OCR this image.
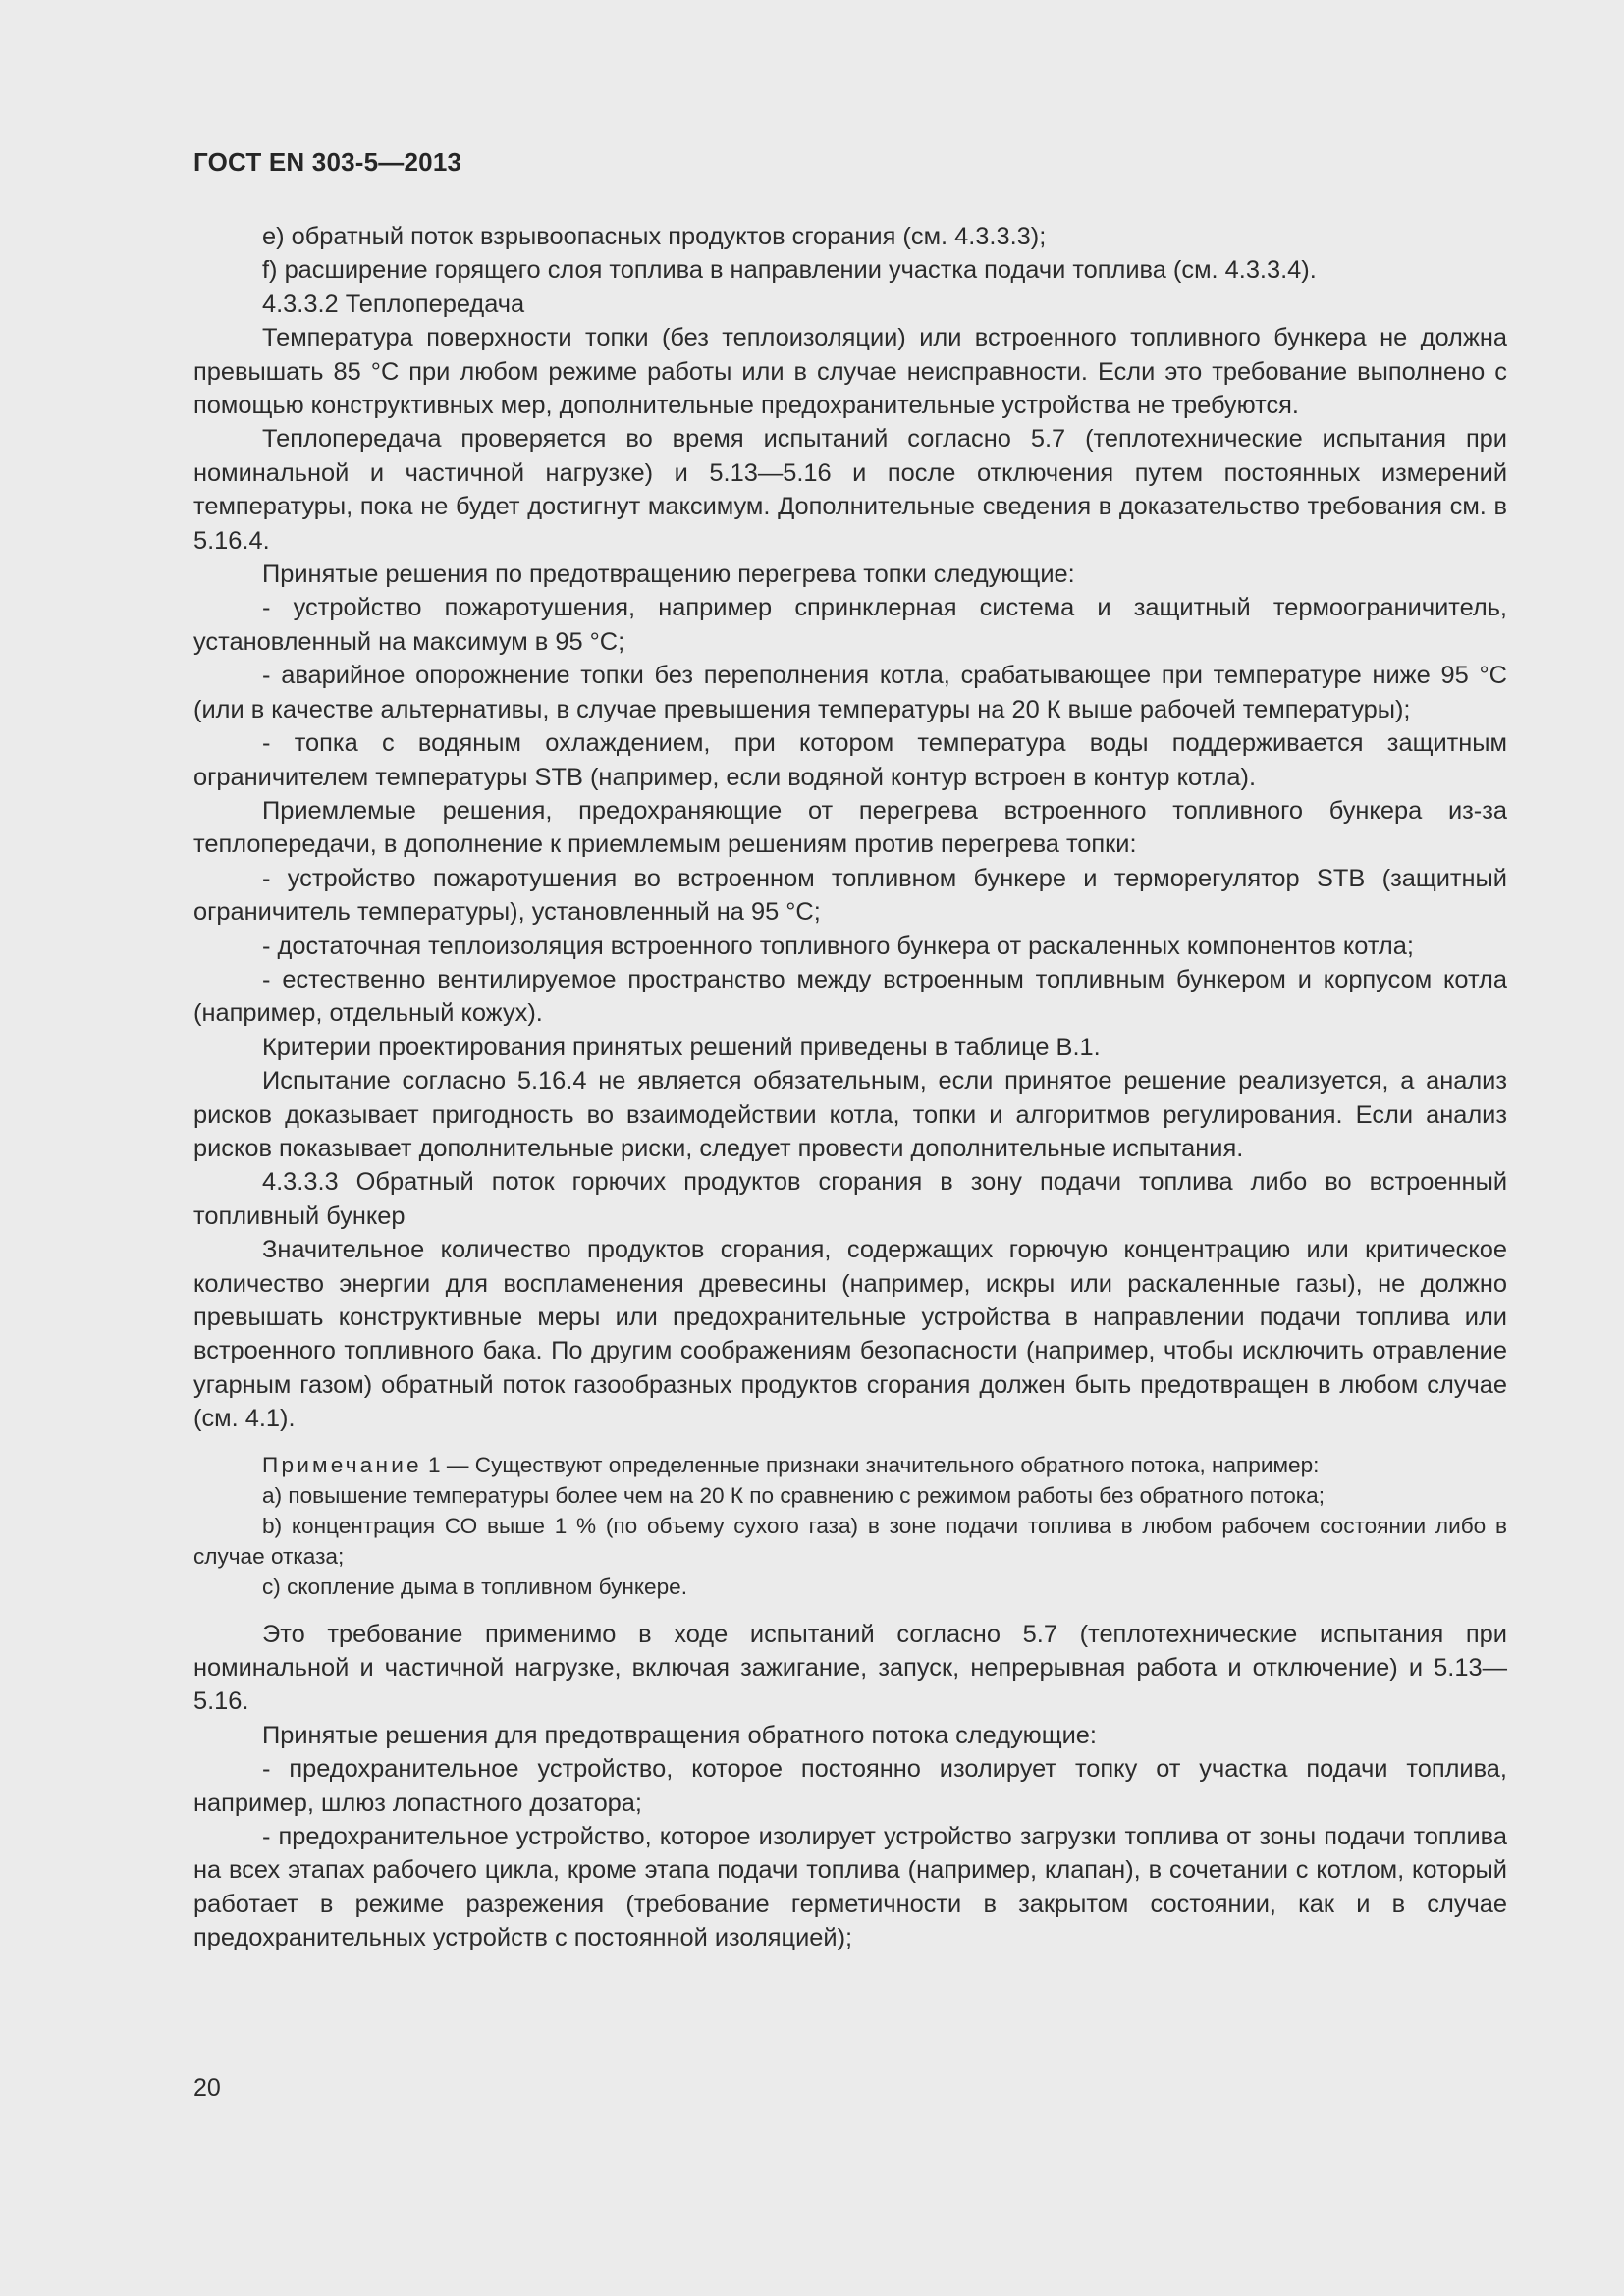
ГОСТ EN 303-5—2013

e) обратный поток взрывоопасных продуктов сгорания (см. 4.3.3.3);

f) расширение горящего слоя топлива в направлении участка подачи топлива (см. 4.3.3.4).

4.3.3.2 Теплопередача

Температура поверхности топки (без теплоизоляции) или встроенного топливного бункера не должна превышать 85 °С при любом режиме работы или в случае неисправности. Если это требование выполнено с помощью конструктивных мер, дополнительные предохранительные устройства не требуются.

Теплопередача проверяется во время испытаний согласно 5.7 (теплотехнические испытания при номинальной и частичной нагрузке) и 5.13—5.16 и после отключения путем постоянных измерений температуры, пока не будет достигнут максимум. Дополнительные сведения в доказательство требования см. в 5.16.4.

Принятые решения по предотвращению перегрева топки следующие:

- устройство пожаротушения, например спринклерная система и защитный термоограничитель, установленный на максимум в 95 °С;

- аварийное опорожнение топки без переполнения котла, срабатывающее при температуре ниже 95 °С (или в качестве альтернативы, в случае превышения температуры на 20 К выше рабочей температуры);

- топка с водяным охлаждением, при котором температура воды поддерживается защитным ограничителем температуры STB (например, если водяной контур встроен в контур котла).

Приемлемые решения, предохраняющие от перегрева встроенного топливного бункера из-за теплопередачи, в дополнение к приемлемым решениям против перегрева топки:

- устройство пожаротушения во встроенном топливном бункере и терморегулятор STB (защитный ограничитель температуры), установленный на 95 °С;

- достаточная теплоизоляция встроенного топливного бункера от раскаленных компонентов котла;

- естественно вентилируемое пространство между встроенным топливным бункером и корпусом котла (например, отдельный кожух).

Критерии проектирования принятых решений приведены в таблице В.1.

Испытание согласно 5.16.4 не является обязательным, если принятое решение реализуется, а анализ рисков доказывает пригодность во взаимодействии котла, топки и алгоритмов регулирования. Если анализ рисков показывает дополнительные риски, следует провести дополнительные испытания.

4.3.3.3 Обратный поток горючих продуктов сгорания в зону подачи топлива либо во встроенный топливный бункер

Значительное количество продуктов сгорания, содержащих горючую концентрацию или критическое количество энергии для воспламенения древесины (например, искры или раскаленные газы), не должно превышать конструктивные меры или предохранительные устройства в направлении подачи топлива или встроенного топливного бака. По другим соображениям безопасности (например, чтобы исключить отравление угарным газом) обратный поток газообразных продуктов сгорания должен быть предотвращен в любом случае (см. 4.1).

Примечание 1 — Существуют определенные признаки значительного обратного потока, например:

а) повышение температуры более чем на 20 К по сравнению с режимом работы без обратного потока;

b) концентрация СО выше 1 % (по объему сухого газа) в зоне подачи топлива в любом рабочем состоянии либо в случае отказа;

с) скопление дыма в топливном бункере.

Это требование применимо в ходе испытаний согласно 5.7 (теплотехнические испытания при номинальной и частичной нагрузке, включая зажигание, запуск, непрерывная работа и отключение) и 5.13—5.16.

Принятые решения для предотвращения обратного потока следующие:

- предохранительное устройство, которое постоянно изолирует топку от участка подачи топлива, например, шлюз лопастного дозатора;

- предохранительное устройство, которое изолирует устройство загрузки топлива от зоны подачи топлива на всех этапах рабочего цикла, кроме этапа подачи топлива (например, клапан), в сочетании с котлом, который работает в режиме разрежения (требование герметичности в закрытом состоянии, как и в случае предохранительных устройств с постоянной изоляцией);

20
